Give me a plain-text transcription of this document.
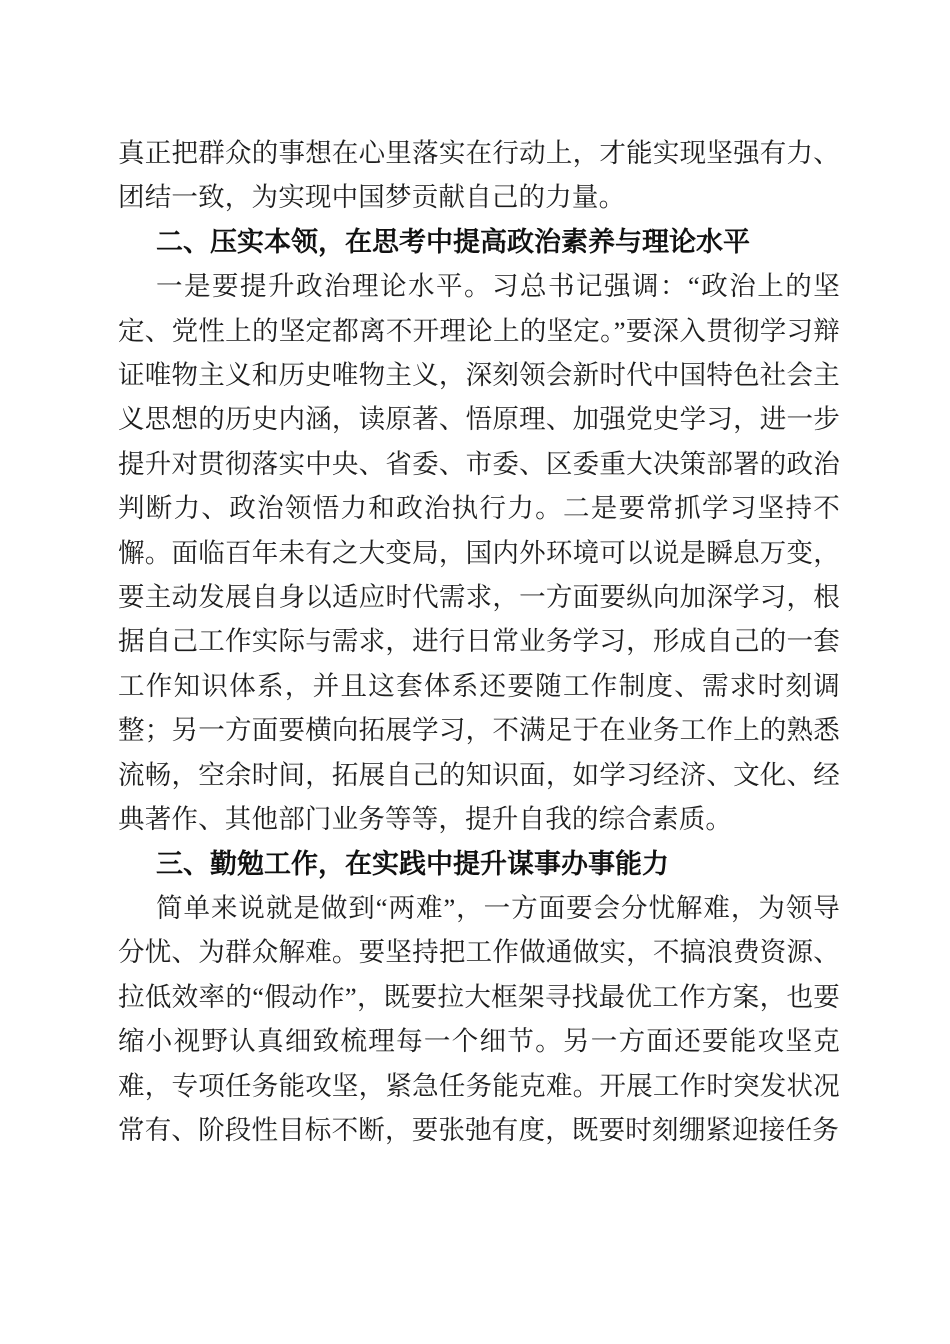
真正把群众的事想在心里落实在行动上，才能实现坚强有力、团结一致，为实现中国梦贡献自己的力量。

二、压实本领，在思考中提高政治素养与理论水平

一是要提升政治理论水平。习总书记强调：“政治上的坚定、党性上的坚定都离不开理论上的坚定。”要深入贯彻学习辩证唯物主义和历史唯物主义，深刻领会新时代中国特色社会主义思想的历史内涵，读原著、悟原理、加强党史学习，进一步提升对贯彻落实中央、省委、市委、区委重大决策部署的政治判断力、政治领悟力和政治执行力。二是要常抓学习坚持不懈。面临百年未有之大变局，国内外环境可以说是瞬息万变，要主动发展自身以适应时代需求，一方面要纵向加深学习，根据自己工作实际与需求，进行日常业务学习，形成自己的一套工作知识体系，并且这套体系还要随工作制度、需求时刻调整；另一方面要横向拓展学习，不满足于在业务工作上的熟悉流畅，空余时间，拓展自己的知识面，如学习经济、文化、经典著作、其他部门业务等等，提升自我的综合素质。

三、勤勉工作，在实践中提升谋事办事能力

简单来说就是做到“两难”，一方面要会分忧解难，为领导分忧、为群众解难。要坚持把工作做通做实，不搞浪费资源、拉低效率的“假动作”，既要拉大框架寻找最优工作方案，也要缩小视野认真细致梳理每一个细节。另一方面还要能攻坚克难，专项任务能攻坚，紧急任务能克难。开展工作时突发状况常有、阶段性目标不断，要张弛有度，既要时刻绷紧迎接任务
